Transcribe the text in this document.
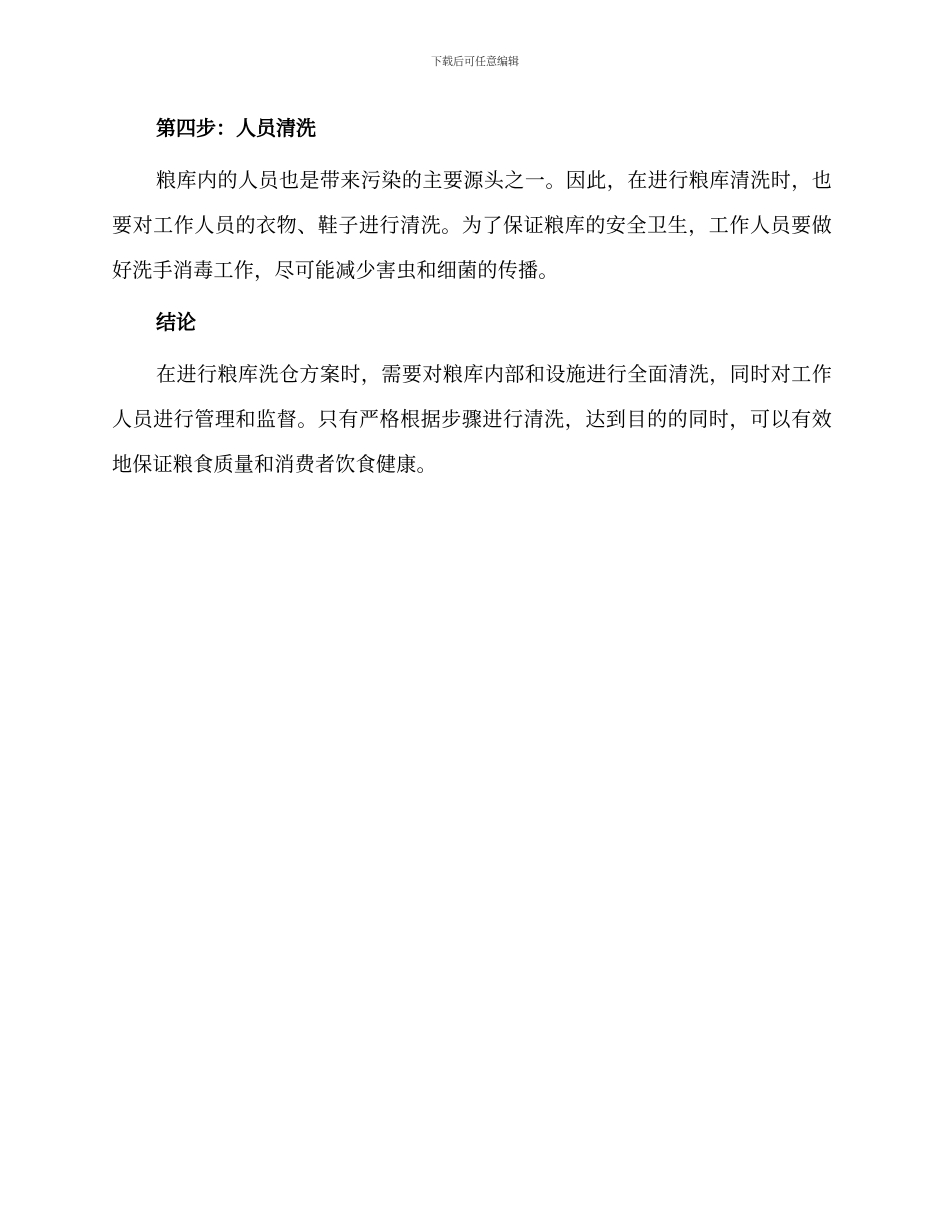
下载后可任意编辑
第四步：人员清洗

粮库内的人员也是带来污染的主要源头之一。因此，在进行粮库清洗时，也要对工作人员的衣物、鞋子进行清洗。为了保证粮库的安全卫生，工作人员要做好洗手消毒工作，尽可能减少害虫和细菌的传播。

结论

在进行粮库洗仓方案时，需要对粮库内部和设施进行全面清洗，同时对工作人员进行管理和监督。只有严格根据步骤进行清洗，达到目的的同时，可以有效地保证粮食质量和消费者饮食健康。
